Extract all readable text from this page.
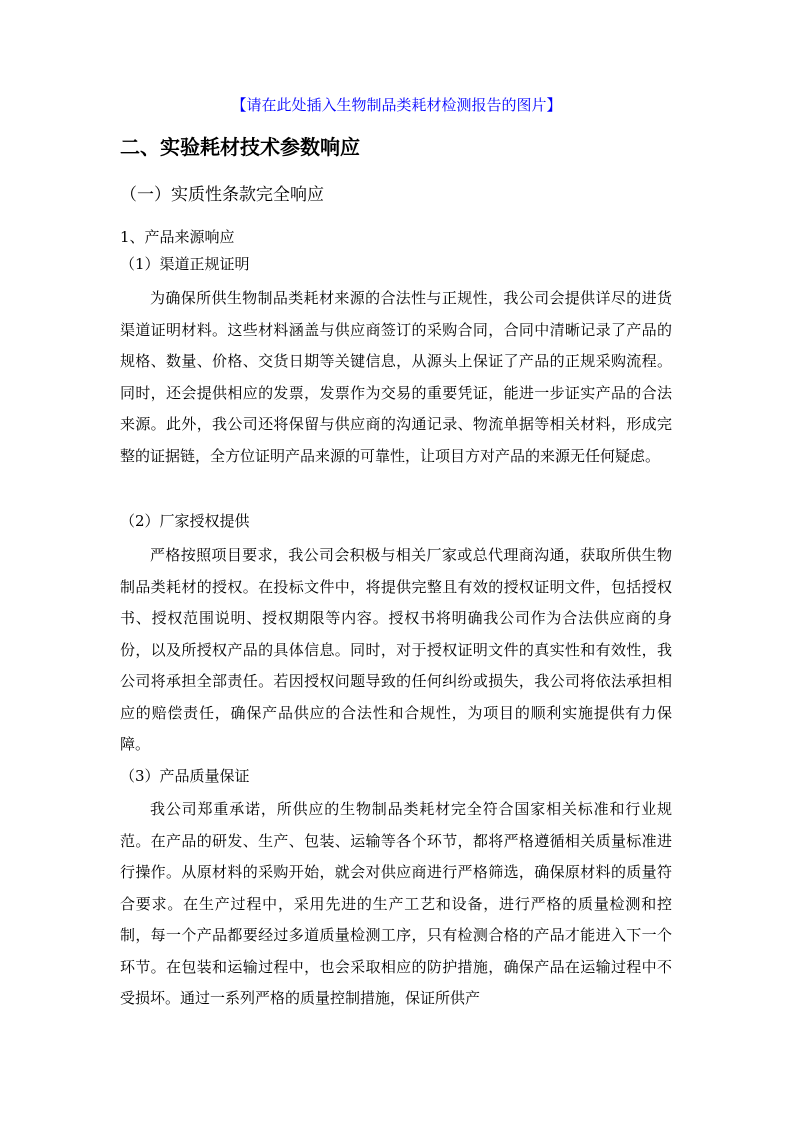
【请在此处插入生物制品类耗材检测报告的图片】
二、实验耗材技术参数响应
（一）实质性条款完全响应
1、产品来源响应
（1）渠道正规证明
为确保所供生物制品类耗材来源的合法性与正规性，我公司会提供详尽的进货渠道证明材料。这些材料涵盖与供应商签订的采购合同，合同中清晰记录了产品的规格、数量、价格、交货日期等关键信息，从源头上保证了产品的正规采购流程。同时，还会提供相应的发票，发票作为交易的重要凭证，能进一步证实产品的合法来源。此外，我公司还将保留与供应商的沟通记录、物流单据等相关材料，形成完整的证据链，全方位证明产品来源的可靠性，让项目方对产品的来源无任何疑虑。
（2）厂家授权提供
严格按照项目要求，我公司会积极与相关厂家或总代理商沟通，获取所供生物制品类耗材的授权。在投标文件中，将提供完整且有效的授权证明文件，包括授权书、授权范围说明、授权期限等内容。授权书将明确我公司作为合法供应商的身份，以及所授权产品的具体信息。同时，对于授权证明文件的真实性和有效性，我公司将承担全部责任。若因授权问题导致的任何纠纷或损失，我公司将依法承担相应的赔偿责任，确保产品供应的合法性和合规性，为项目的顺利实施提供有力保障。
（3）产品质量保证
我公司郑重承诺，所供应的生物制品类耗材完全符合国家相关标准和行业规范。在产品的研发、生产、包装、运输等各个环节，都将严格遵循相关质量标准进行操作。从原材料的采购开始，就会对供应商进行严格筛选，确保原材料的质量符合要求。在生产过程中，采用先进的生产工艺和设备，进行严格的质量检测和控制，每一个产品都要经过多道质量检测工序，只有检测合格的产品才能进入下一个环节。在包装和运输过程中，也会采取相应的防护措施，确保产品在运输过程中不受损坏。通过一系列严格的质量控制措施，保证所供产
